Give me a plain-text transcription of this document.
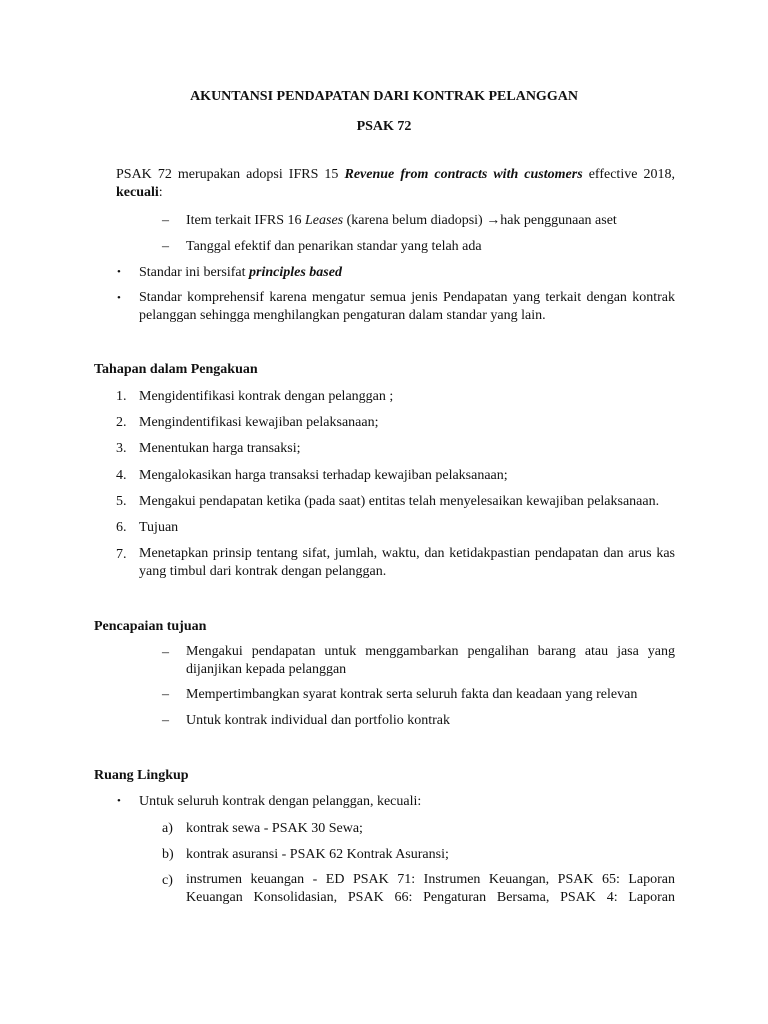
AKUNTANSI PENDAPATAN DARI KONTRAK PELANGGAN
PSAK 72
PSAK 72 merupakan adopsi IFRS 15 Revenue from contracts with customers effective 2018,
kecuali:
– Item terkait IFRS 16 Leases (karena belum diadopsi) →hak penggunaan aset
– Tanggal efektif dan penarikan standar yang telah ada
• Standar ini bersifat principles based
• Standar komprehensif karena mengatur semua jenis Pendapatan yang terkait dengan kontrak
pelanggan sehingga menghilangkan pengaturan dalam standar yang lain.
Tahapan dalam Pengakuan
1. Mengidentifikasi kontrak dengan pelanggan ;
2. Mengindentifikasi kewajiban pelaksanaan;
3. Menentukan harga transaksi;
4. Mengalokasikan harga transaksi terhadap kewajiban pelaksanaan;
5. Mengakui pendapatan ketika (pada saat) entitas telah menyelesaikan kewajiban pelaksanaan.
6. Tujuan
7. Menetapkan prinsip tentang sifat, jumlah, waktu, dan ketidakpastian pendapatan dan arus kas
yang timbul dari kontrak dengan pelanggan.
Pencapaian tujuan
– Mengakui pendapatan untuk menggambarkan pengalihan barang atau jasa yang
dijanjikan kepada pelanggan
– Mempertimbangkan syarat kontrak serta seluruh fakta dan keadaan yang relevan
– Untuk kontrak individual dan portfolio kontrak
Ruang Lingkup
• Untuk seluruh kontrak dengan pelanggan, kecuali:
a) kontrak sewa - PSAK 30 Sewa;
b) kontrak asuransi - PSAK 62 Kontrak Asuransi;
c) instrumen keuangan - ED PSAK 71: Instrumen Keuangan, PSAK 65: Laporan
Keuangan Konsolidasian, PSAK 66: Pengaturan Bersama, PSAK 4: Laporan
